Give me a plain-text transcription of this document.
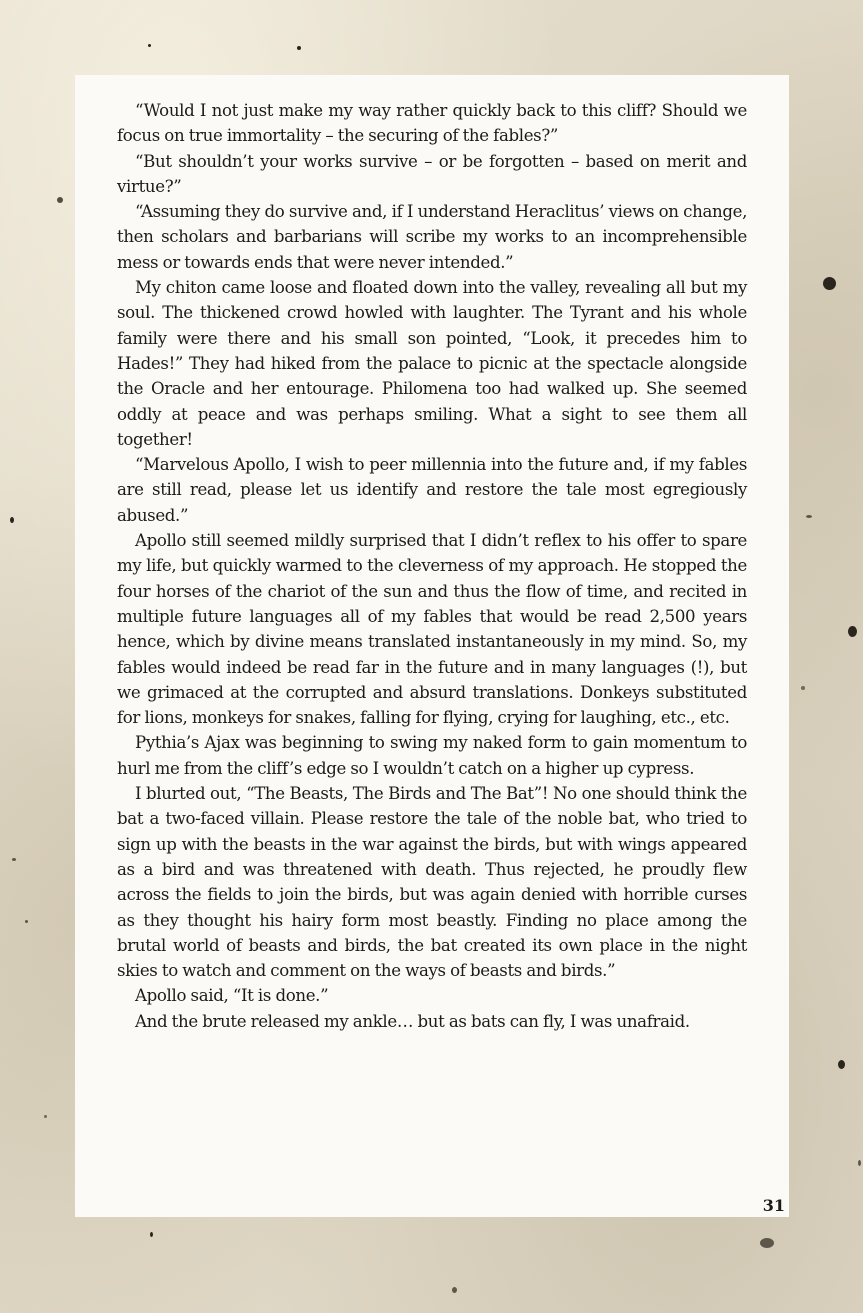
“Would I not just make my way rather quickly back to this cliff? Should we focus on true immortality – the securing of the fables?”

“But shouldn’t your works survive – or be forgotten – based on merit and virtue?”

“Assuming they do survive and, if I understand Heraclitus’ views on change, then scholars and barbarians will scribe my works to an incomprehensible mess or towards ends that were never intended.”

My chiton came loose and floated down into the valley, revealing all but my soul. The thickened crowd howled with laughter. The Tyrant and his whole family were there and his small son pointed, “Look, it precedes him to Hades!” They had hiked from the palace to picnic at the spectacle alongside the Oracle and her entourage. Philomena too had walked up. She seemed oddly at peace and was perhaps smiling. What a sight to see them all together!

“Marvelous Apollo, I wish to peer millennia into the future and, if my fables are still read, please let us identify and restore the tale most egregiously abused.”

Apollo still seemed mildly surprised that I didn’t reflex to his offer to spare my life, but quickly warmed to the cleverness of my approach. He stopped the four horses of the chariot of the sun and thus the flow of time, and recited in multiple future languages all of my fables that would be read 2,500 years hence, which by divine means translated instantaneously in my mind. So, my fables would indeed be read far in the future and in many languages (!), but we grimaced at the corrupted and absurd translations. Donkeys substituted for lions, monkeys for snakes, falling for flying, crying for laughing, etc., etc.

Pythia’s Ajax was beginning to swing my naked form to gain momentum to hurl me from the cliff’s edge so I wouldn’t catch on a higher up cypress.

I blurted out, “The Beasts, The Birds and The Bat”! No one should think the bat a two-faced villain. Please restore the tale of the noble bat, who tried to sign up with the beasts in the war against the birds, but with wings appeared as a bird and was threatened with death. Thus rejected, he proudly flew across the fields to join the birds, but was again denied with horrible curses as they thought his hairy form most beastly. Finding no place among the brutal world of beasts and birds, the bat created its own place in the night skies to watch and comment on the ways of beasts and birds.”

Apollo said, “It is done.”

And the brute released my ankle… but as bats can fly, I was unafraid.

31
